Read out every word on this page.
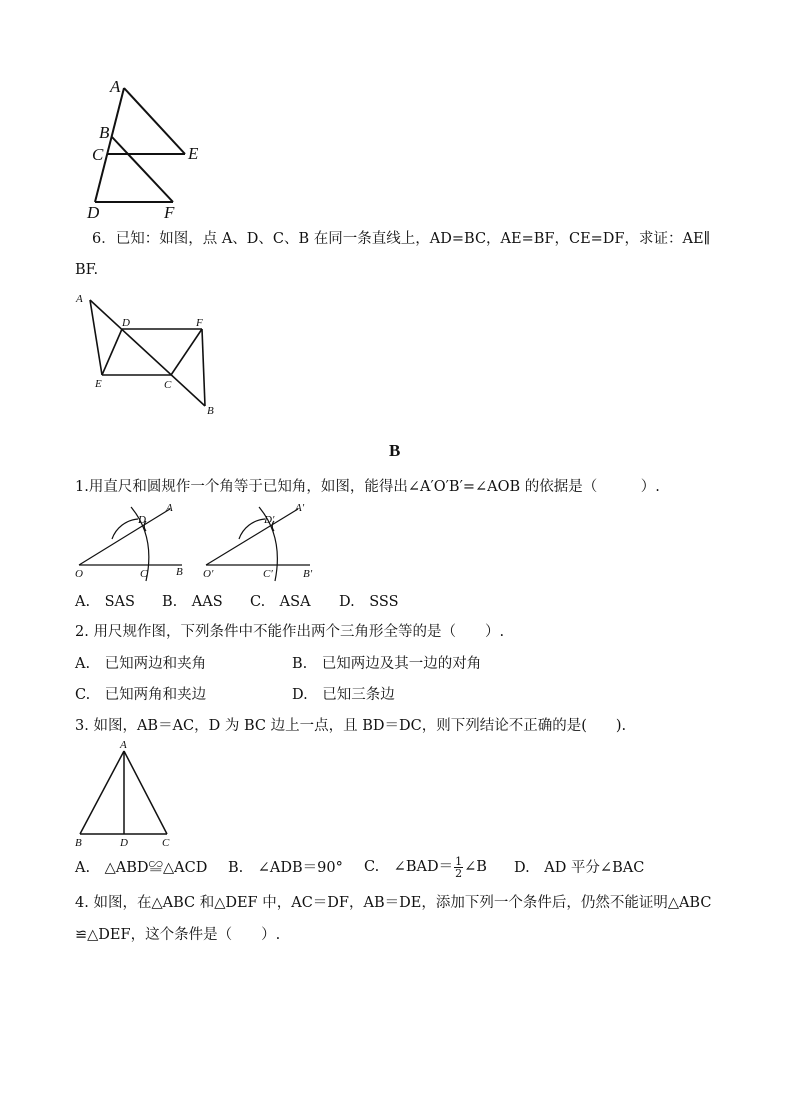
A
B
C	E
D	F
6．已知：如图，点 A、D、C、B 在同一条直线上，AD=BC，AE=BF，CE=DF，求证：AE∥
BF.
A
D	F
E	C
B
B
1.用直尺和圆规作一个角等于已知角，如图，能得出∠A′O′B′=∠AOB 的依据是（　　　）.
D
A
O	C	B
D′
A′
O′	C′	B′
A.　SAS B.　AAS C.　ASA D.　SSS
2. 用尺规作图，下列条件中不能作出两个三角形全等的是（　　）.
A.　已知两边和夹角	B.　已知两边及其一边的对角
C.　已知两角和夹边	D.　已知三条边
3. 如图，AB＝AC，D 为 BC 边上一点，且 BD＝DC，则下列结论不正确的是(　　).
A
B	D	C
A.　△ABD≌△ACD B.　∠ADB＝90° C.　∠BAD＝ $\frac{1}{2}$ ∠B D.　AD 平分∠BAC
4. 如图，在△ABC 和△DEF 中，AC＝DF，AB＝DE，添加下列一个条件后，仍然不能证明△ABC
≌△DEF，这个条件是（　　）.
